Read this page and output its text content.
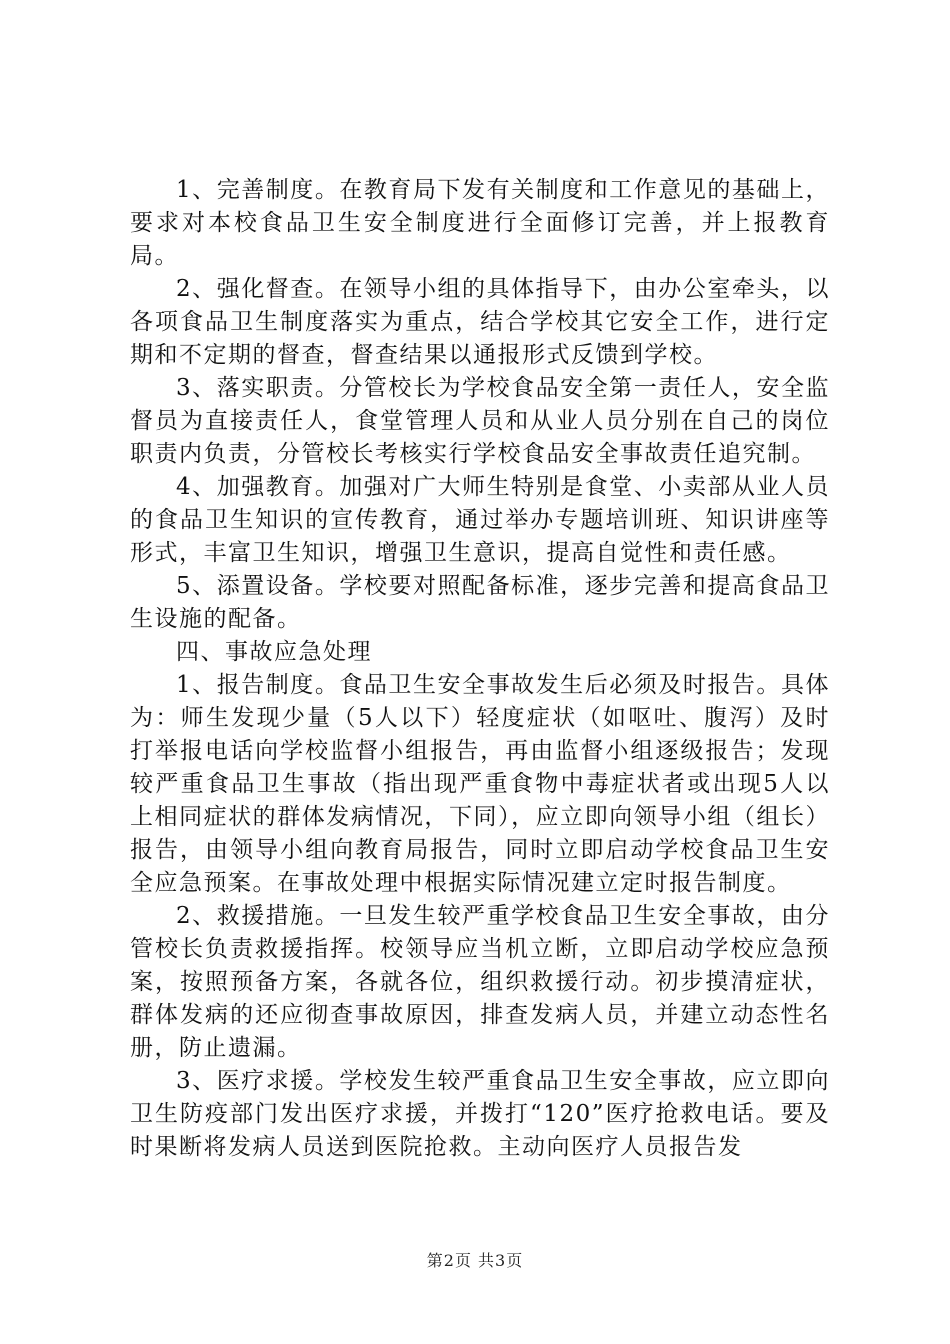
1、完善制度。在教育局下发有关制度和工作意见的基础上，要求对本校食品卫生安全制度进行全面修订完善，并上报教育局。

2、强化督查。在领导小组的具体指导下，由办公室牵头，以各项食品卫生制度落实为重点，结合学校其它安全工作，进行定期和不定期的督查，督查结果以通报形式反馈到学校。

3、落实职责。分管校长为学校食品安全第一责任人，安全监督员为直接责任人，食堂管理人员和从业人员分别在自己的岗位职责内负责，分管校长考核实行学校食品安全事故责任追究制。

4、加强教育。加强对广大师生特别是食堂、小卖部从业人员的食品卫生知识的宣传教育，通过举办专题培训班、知识讲座等形式，丰富卫生知识，增强卫生意识，提高自觉性和责任感。

5、添置设备。学校要对照配备标准，逐步完善和提高食品卫生设施的配备。

四、事故应急处理

1、报告制度。食品卫生安全事故发生后必须及时报告。具体为：师生发现少量（5人以下）轻度症状（如呕吐、腹泻）及时打举报电话向学校监督小组报告，再由监督小组逐级报告；发现较严重食品卫生事故（指出现严重食物中毒症状者或出现5人以上相同症状的群体发病情况，下同），应立即向领导小组（组长）报告，由领导小组向教育局报告，同时立即启动学校食品卫生安全应急预案。在事故处理中根据实际情况建立定时报告制度。

2、救援措施。一旦发生较严重学校食品卫生安全事故，由分管校长负责救援指挥。校领导应当机立断，立即启动学校应急预案，按照预备方案，各就各位，组织救援行动。初步摸清症状，群体发病的还应彻查事故原因，排查发病人员，并建立动态性名册，防止遗漏。

3、医疗求援。学校发生较严重食品卫生安全事故，应立即向卫生防疫部门发出医疗求援，并拨打“120”医疗抢救电话。要及时果断将发病人员送到医院抢救。主动向医疗人员报告发

第2页 共3页
